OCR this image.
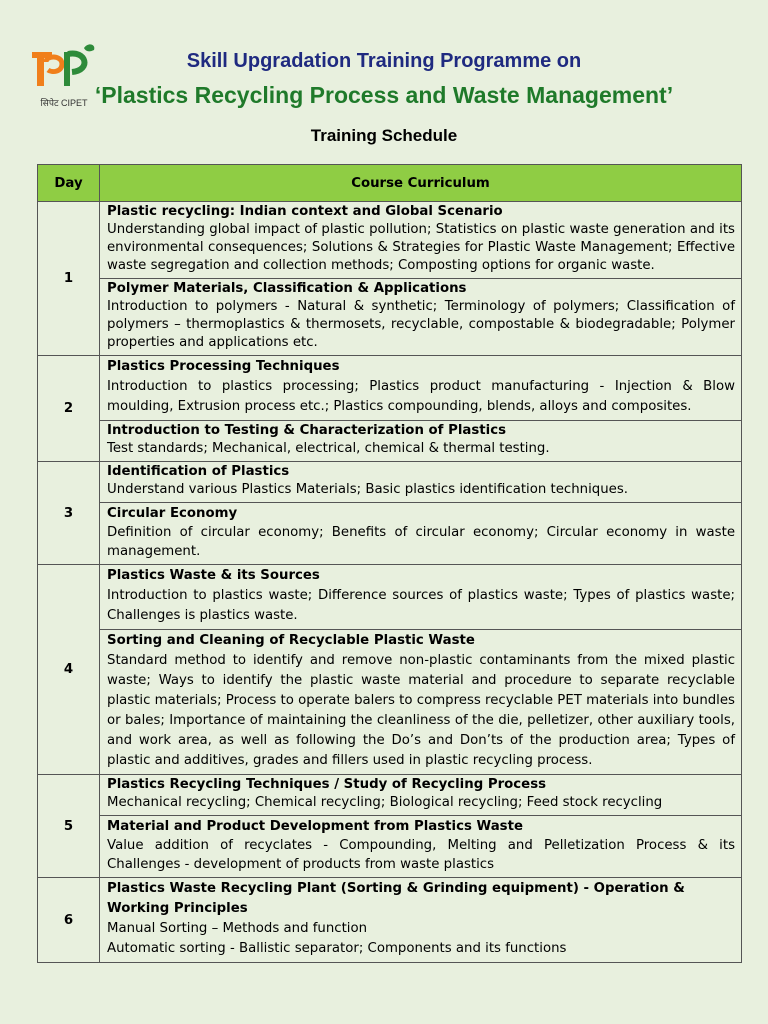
सिपेट CIPET
Skill Upgradation Training Programme on
‘Plastics Recycling Process and Waste Management’
Training Schedule
Day	Course Curriculum
1	Plastic recycling: Indian context and Global Scenario
Understanding global impact of plastic pollution; Statistics on plastic waste generation and its environmental consequences; Solutions & Strategies for Plastic Waste Management; Effective waste segregation and collection methods; Composting options for organic waste.

	Polymer Materials, Classification & Applications
Introduction to polymers - Natural & synthetic; Terminology of polymers; Classification of polymers – thermoplastics & thermosets, recyclable, compostable & biodegradable; Polymer properties and applications etc.

2	Plastics Processing Techniques
Introduction to plastics processing; Plastics product manufacturing - Injection & Blow moulding, Extrusion process etc.; Plastics compounding, blends, alloys and composites.

	Introduction to Testing & Characterization of Plastics
Test standards; Mechanical, electrical, chemical & thermal testing.

3	Identification of Plastics
Understand various Plastics Materials; Basic plastics identification techniques.

	Circular Economy
Definition of circular economy; Benefits of circular economy; Circular economy in waste management.

4	Plastics Waste & its Sources
Introduction to plastics waste; Difference sources of plastics waste; Types of plastics waste; Challenges is plastics waste.

	Sorting and Cleaning of Recyclable Plastic Waste
Standard method to identify and remove non-plastic contaminants from the mixed plastic waste; Ways to identify the plastic waste material and procedure to separate recyclable plastic materials; Process to operate balers to compress recyclable PET materials into bundles or bales; Importance of maintaining the cleanliness of the die, pelletizer, other auxiliary tools, and work area, as well as following the Do’s and Don’ts of the production area; Types of plastic and additives, grades and fillers used in plastic recycling process.

5	Plastics Recycling Techniques / Study of Recycling Process
Mechanical recycling; Chemical recycling; Biological recycling; Feed stock recycling

	Material and Product Development from Plastics Waste
Value addition of recyclates - Compounding, Melting and Pelletization Process & its Challenges - development of products from waste plastics

6	Plastics Waste Recycling Plant (Sorting & Grinding equipment) - Operation & Working Principles
Manual Sorting – Methods and function
Automatic sorting - Ballistic separator; Components and its functions
